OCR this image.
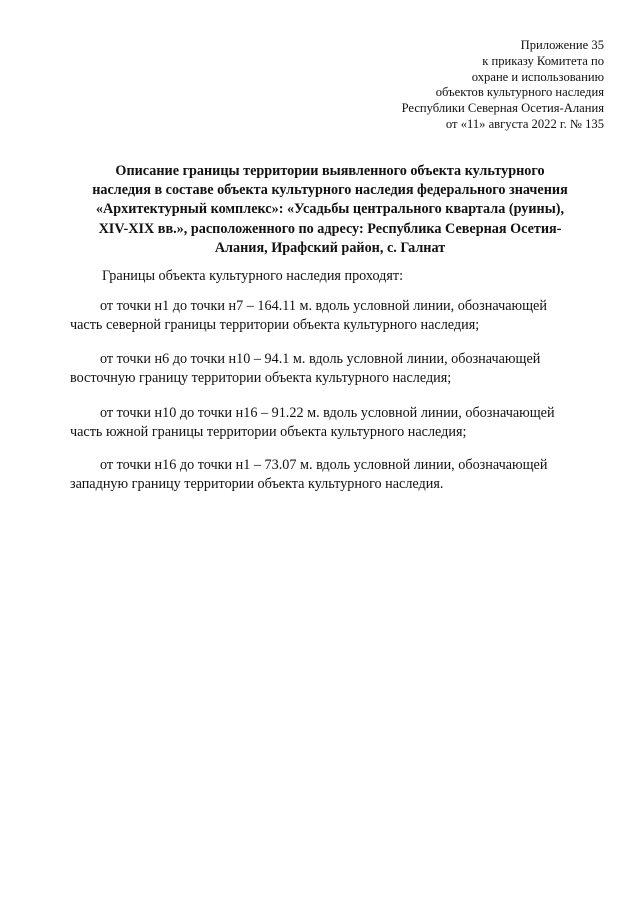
Приложение 35
к приказу Комитета по
охране и использованию
объектов культурного наследия
Республики Северная Осетия-Алания
от «11» августа 2022 г. № 135
Описание границы территории выявленного объекта культурного
наследия в составе объекта культурного наследия федерального значения
«Архитектурный комплекс»: «Усадьбы центрального квартала (руины),
XIV-XIX вв.», расположенного по адресу: Республика Северная Осетия-
Алания, Ирафский район, с. Галнат
Границы объекта культурного наследия проходят:
от точки н1 до точки н7 – 164.11 м. вдоль условной линии, обозначающей
часть северной границы территории объекта культурного наследия;
от точки н6 до точки н10 – 94.1 м. вдоль условной линии, обозначающей
восточную границу территории объекта культурного наследия;
от точки н10 до точки н16 – 91.22 м. вдоль условной линии, обозначающей
часть южной границы территории объекта культурного наследия;
от точки н16 до точки н1 – 73.07 м. вдоль условной линии, обозначающей
западную границу территории объекта культурного наследия.
